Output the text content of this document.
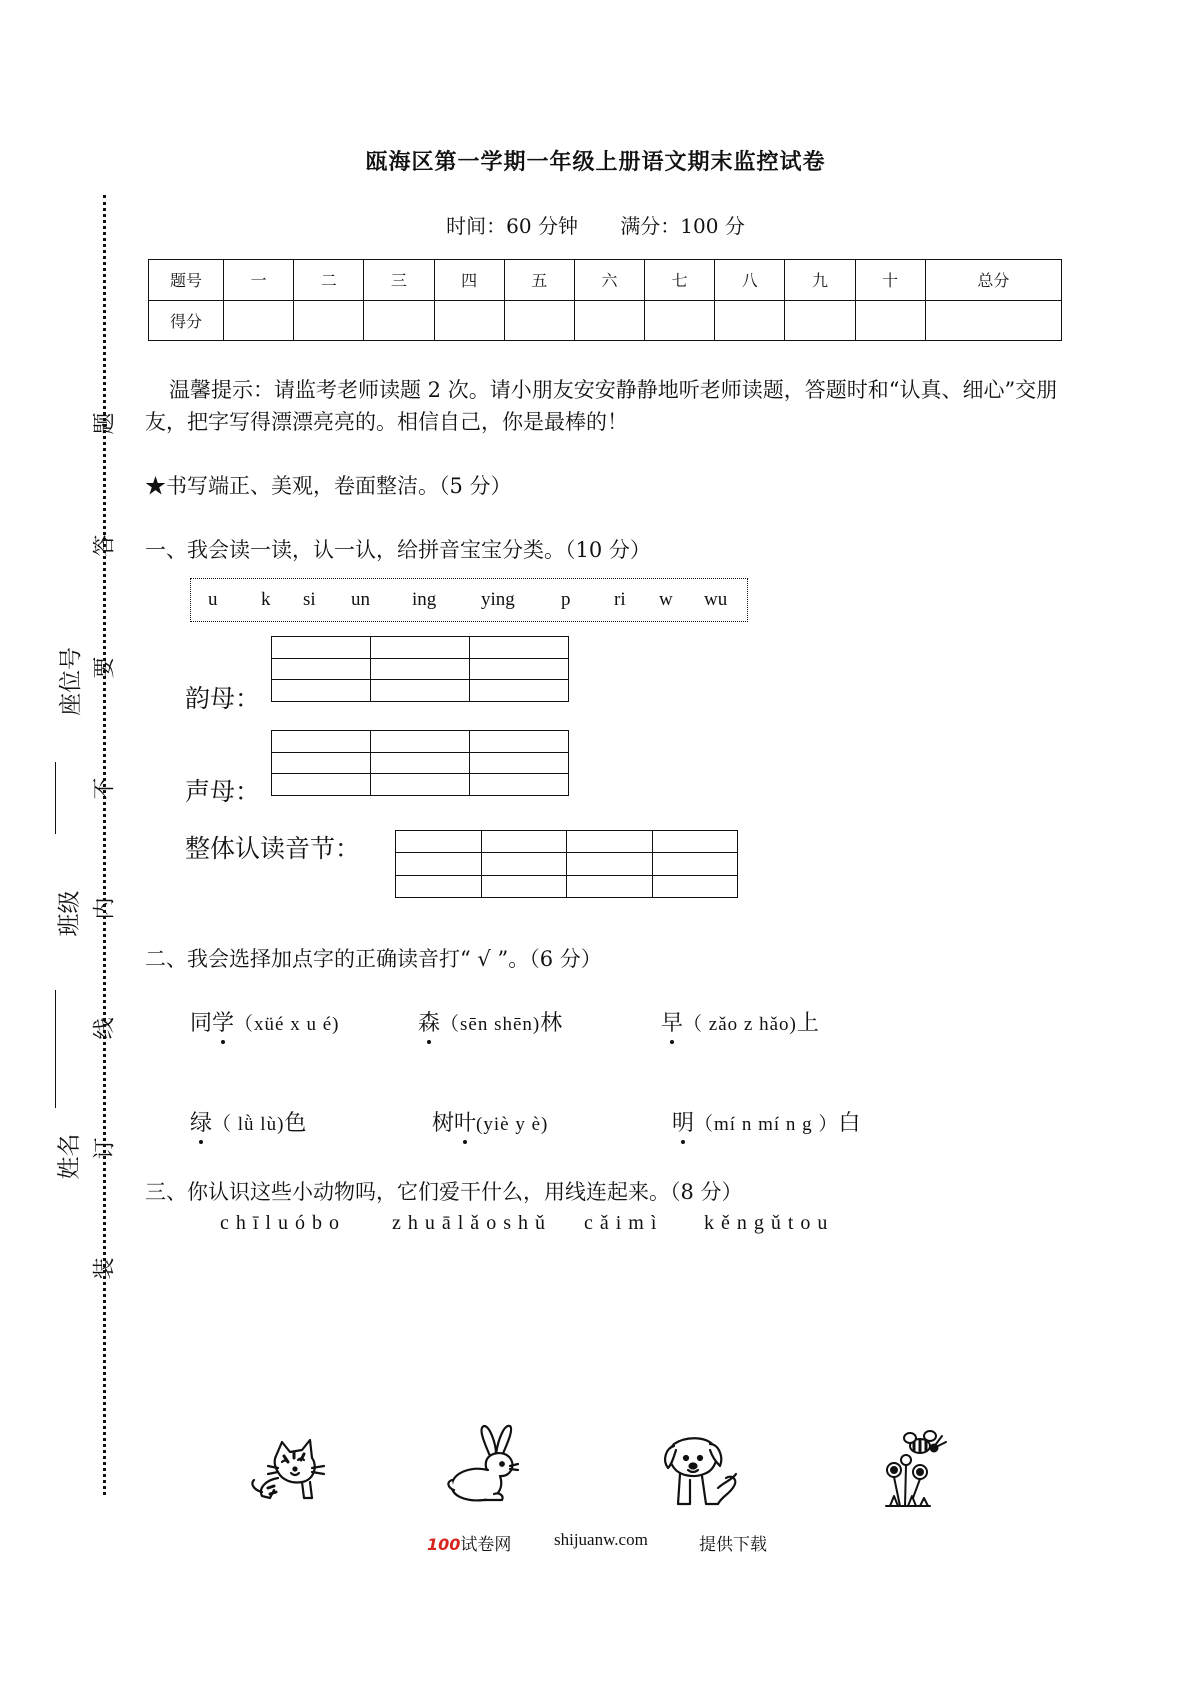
题
答
要
不
内
线
订
装
座位号
班级
姓名
瓯海区第一学期一年级上册语文期末监控试卷
时间：60 分钟 满分：100 分
题号	一	二	三	四	五	六	七	八	九	十	总分
得分											
温馨提示：请监考老师读题 2 次。请小朋友安安静静地听老师读题，答题时和“认真、细心”交朋友，把字写得漂漂亮亮的。相信自己，你是最棒的！
★书写端正、美观，卷面整洁。（5 分）
一、我会读一读，认一认，给拼音宝宝分类。（10 分）
u k si un ing ying p ri w wu
韵母：

声母：

整体认读音节：

二、我会选择加点字的正确读音打“ √ ”。（6 分）
同学（xüé x u é)	森（sēn shēn)林	早（ zǎo z hǎo)上
绿（ lǜ lù)色	树叶(yiè y è)	明（mí n mí n g ）白
三、你认识这些小动物吗，它们爱干什么，用线连起来。（8 分）
c h ī l u ó b o	z h u ā l ǎ o s h ǔ c ǎ i m ì k ě n g ǔ t o u
100试卷网	shijuanw.com	提供下载
